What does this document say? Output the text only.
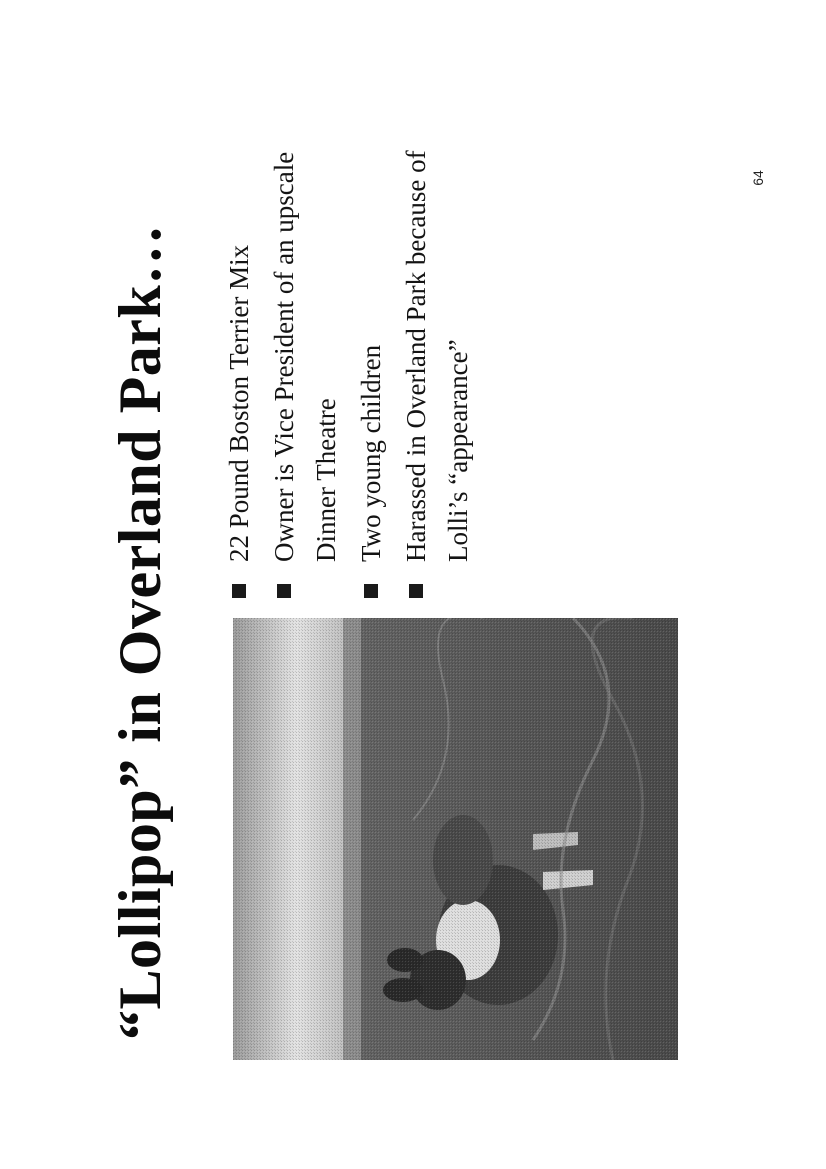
“Lollipop” in Overland Park… 22 Pound Boston Terrier Mix Owner is Vice President of an upscale Dinner Theatre Two young children Harassed in Overland Park because of Lolli’s “appearance”
64
